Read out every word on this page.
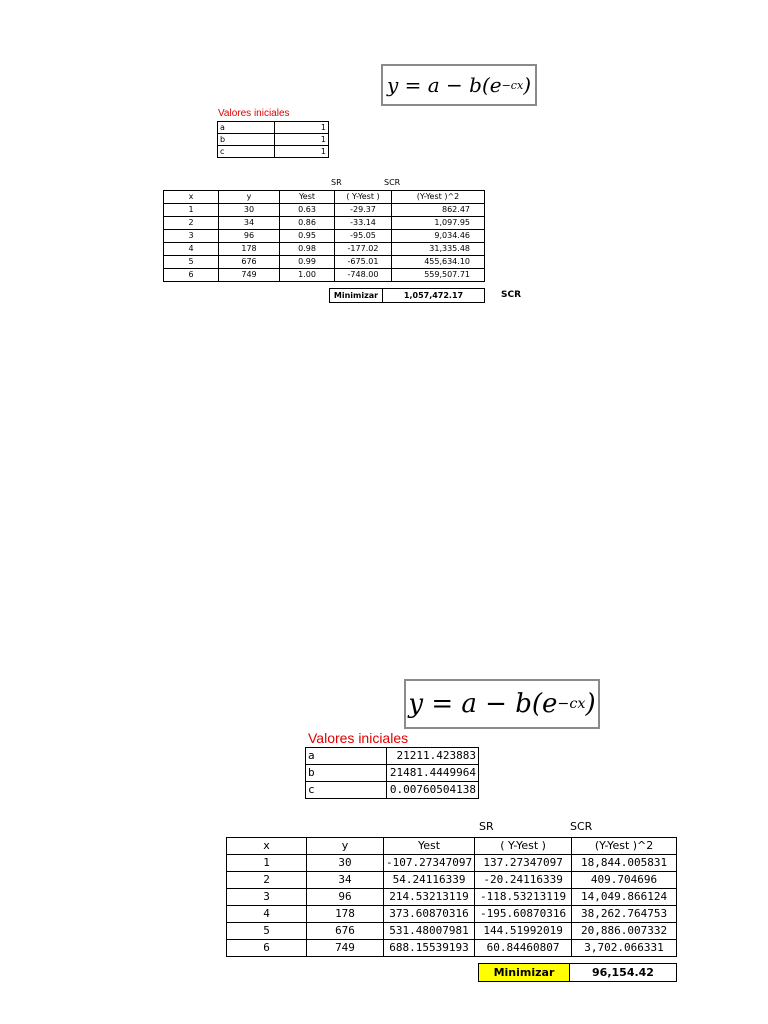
y = a − b(e −cx )
Valores iniciales
a	1
b	1
c	1
SR	SCR
x	y	Yest	( Y-Yest )	(Y-Yest )^2
1	30	0.63	-29.37	862.47
2	34	0.86	-33.14	1,097.95
3	96	0.95	-95.05	9,034.46
4	178	0.98	-177.02	31,335.48
5	676	0.99	-675.01	455,634.10
6	749	1.00	-748.00	559,507.71
Minimizar	1,057,472.17	SCR
y = a − b(e −cx )
Valores iniciales
a	21211.423883
b	21481.4449964
c	0.00760504138
SR	SCR
x	y	Yest	( Y-Yest )	(Y-Yest )^2
1	30	-107.27347097	137.27347097	18,844.005831
2	34	54.24116339	-20.24116339	409.704696
3	96	214.53213119	-118.53213119	14,049.866124
4	178	373.60870316	-195.60870316	38,262.764753
5	676	531.48007981	144.51992019	20,886.007332
6	749	688.15539193	60.84460807	3,702.066331
Minimizar	96,154.42
